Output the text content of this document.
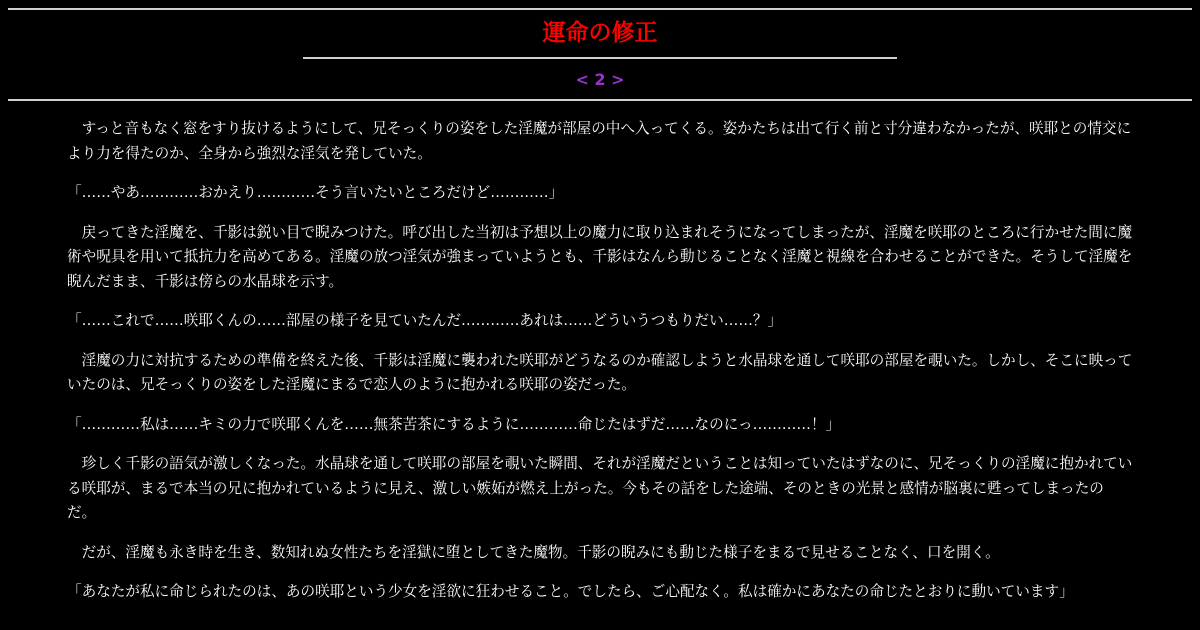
運命の修正
< 2 >

　すっと音もなく窓をすり抜けるようにして、兄そっくりの姿をした淫魔が部屋の中へ入ってくる。姿かたちは出て行く前と寸分違わなかったが、咲耶との情交により力を得たのか、全身から強烈な淫気を発していた。

「……やあ…………おかえり…………そう言いたいところだけど…………」

　戻ってきた淫魔を、千影は鋭い目で睨みつけた。呼び出した当初は予想以上の魔力に取り込まれそうになってしまったが、淫魔を咲耶のところに行かせた間に魔術や呪具を用いて抵抗力を高めてある。淫魔の放つ淫気が強まっていようとも、千影はなんら動じることなく淫魔と視線を合わせることができた。そうして淫魔を睨んだまま、千影は傍らの水晶球を示す。

「……これで……咲耶くんの……部屋の様子を見ていたんだ…………あれは……どういうつもりだい……？」

　淫魔の力に対抗するための準備を終えた後、千影は淫魔に襲われた咲耶がどうなるのか確認しようと水晶球を通して咲耶の部屋を覗いた。しかし、そこに映っていたのは、兄そっくりの姿をした淫魔にまるで恋人のように抱かれる咲耶の姿だった。

「…………私は……キミの力で咲耶くんを……無茶苦茶にするように…………命じたはずだ……なのにっ…………！」

　珍しく千影の語気が激しくなった。水晶球を通して咲耶の部屋を覗いた瞬間、それが淫魔だということは知っていたはずなのに、兄そっくりの淫魔に抱かれている咲耶が、まるで本当の兄に抱かれているように見え、激しい嫉妬が燃え上がった。今もその話をした途端、そのときの光景と感情が脳裏に甦ってしまったのだ。

　だが、淫魔も永き時を生き、数知れぬ女性たちを淫獄に堕としてきた魔物。千影の睨みにも動じた様子をまるで見せることなく、口を開く。

「あなたが私に命じられたのは、あの咲耶という少女を淫欲に狂わせること。でしたら、ご心配なく。私は確かにあなたの命じたとおりに動いています」
